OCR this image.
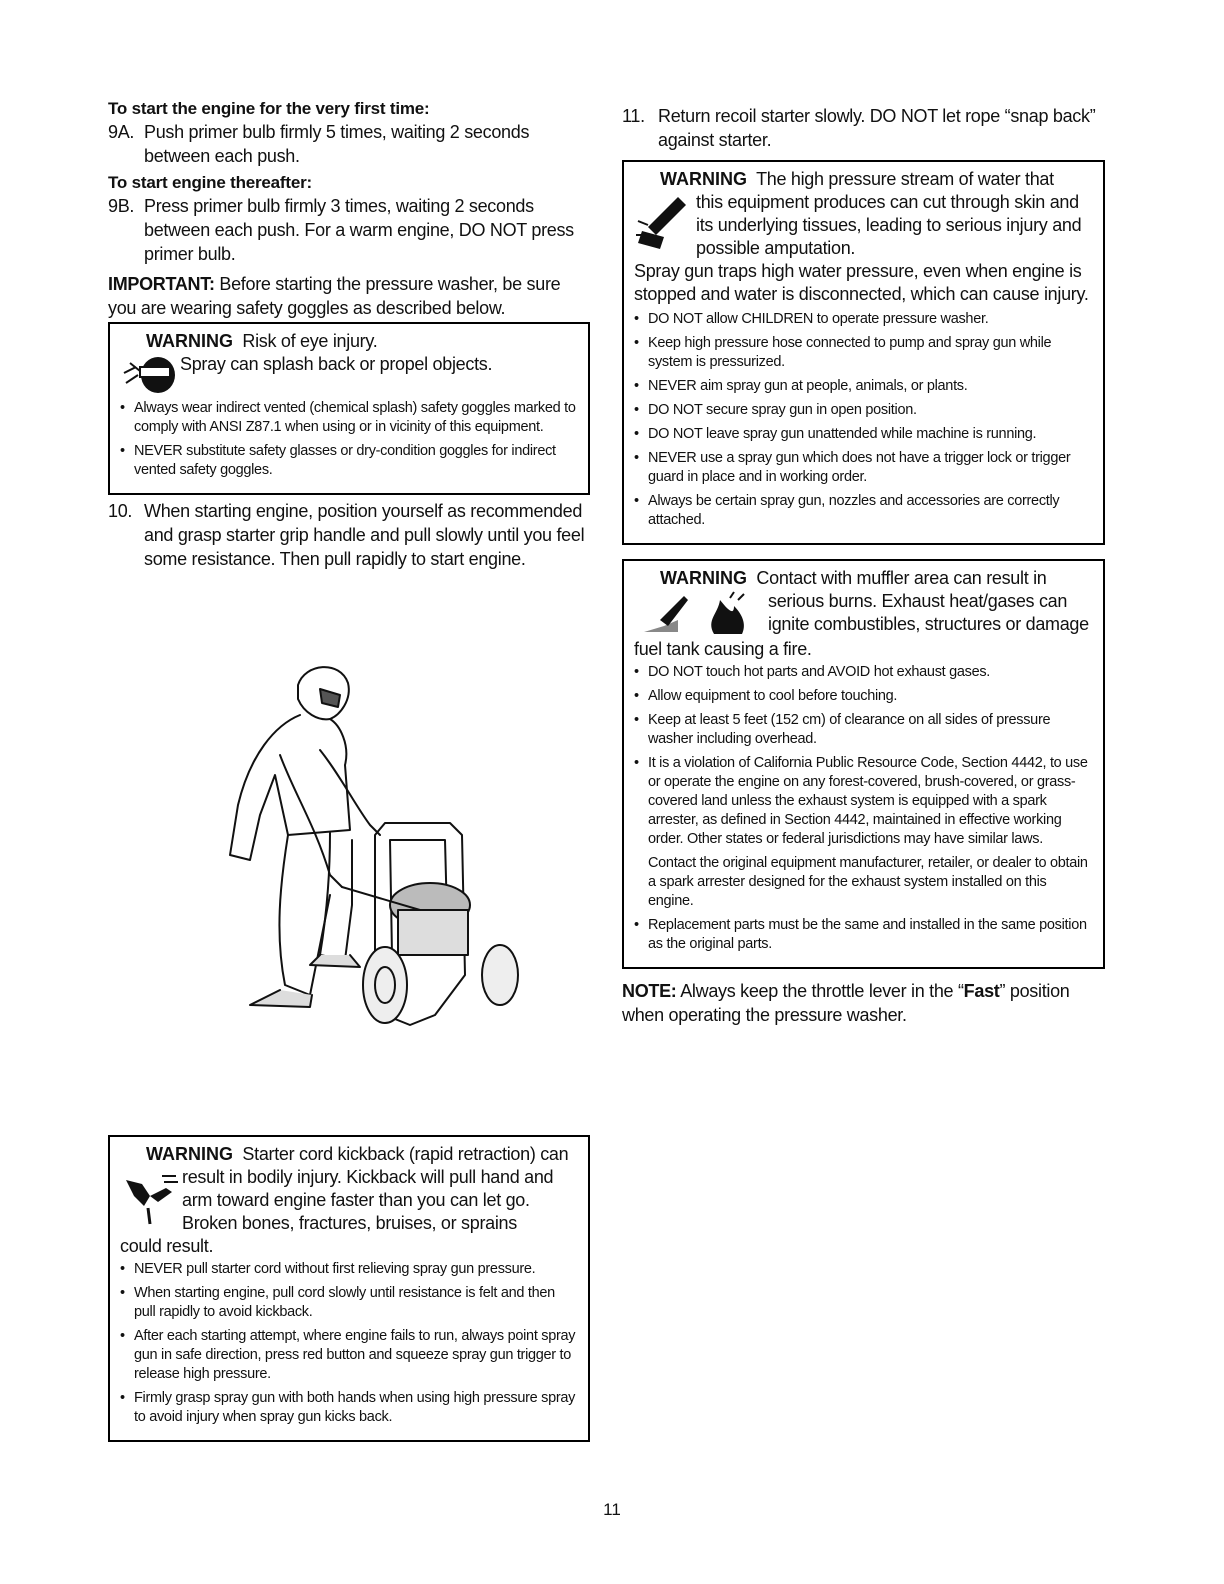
To start the engine for the very first time:
9A. Push primer bulb firmly 5 times, waiting 2 seconds between each push.
To start engine thereafter:
9B. Press primer bulb firmly 3 times, waiting 2 seconds between each push. For a warm engine, DO NOT press primer bulb.
IMPORTANT: Before starting the pressure washer, be sure you are wearing safety goggles as described below.
WARNING Risk of eye injury.
Spray can splash back or propel objects.
• Always wear indirect vented (chemical splash) safety goggles marked to comply with ANSI Z87.1 when using or in vicinity of this equipment.
• NEVER substitute safety glasses or dry-condition goggles for indirect vented safety goggles.
10. When starting engine, position yourself as recommended and grasp starter grip handle and pull slowly until you feel some resistance. Then pull rapidly to start engine.
WARNING Starter cord kickback (rapid retraction) can
result in bodily injury. Kickback will pull hand and arm toward engine faster than you can let go. Broken bones, fractures, bruises, or sprains
could result.
• NEVER pull starter cord without first relieving spray gun pressure.
• When starting engine, pull cord slowly until resistance is felt and then pull rapidly to avoid kickback.
• After each starting attempt, where engine fails to run, always point spray gun in safe direction, press red button and squeeze spray gun trigger to release high pressure.
• Firmly grasp spray gun with both hands when using high pressure spray to avoid injury when spray gun kicks back.
11. Return recoil starter slowly. DO NOT let rope “snap back” against starter.
WARNING The high pressure stream of water that
this equipment produces can cut through skin and its underlying tissues, leading to serious injury and possible amputation.
Spray gun traps high water pressure, even when engine is stopped and water is disconnected, which can cause injury.
• DO NOT allow CHILDREN to operate pressure washer.
• Keep high pressure hose connected to pump and spray gun while system is pressurized.
• NEVER aim spray gun at people, animals, or plants.
• DO NOT secure spray gun in open position.
• DO NOT leave spray gun unattended while machine is running.
• NEVER use a spray gun which does not have a trigger lock or trigger guard in place and in working order.
• Always be certain spray gun, nozzles and accessories are correctly attached.
WARNING Contact with muffler area can result in
serious burns. Exhaust heat/gases can ignite combustibles, structures or damage
fuel tank causing a fire.
• DO NOT touch hot parts and AVOID hot exhaust gases.
• Allow equipment to cool before touching.
• Keep at least 5 feet (152 cm) of clearance on all sides of pressure washer including overhead.
• It is a violation of California Public Resource Code, Section 4442, to use or operate the engine on any forest-covered, brush-covered, or grass-covered land unless the exhaust system is equipped with a spark arrester, as defined in Section 4442, maintained in effective working order. Other states or federal jurisdictions may have similar laws.
Contact the original equipment manufacturer, retailer, or dealer to obtain a spark arrester designed for the exhaust system installed on this engine.
• Replacement parts must be the same and installed in the same position as the original parts.
NOTE: Always keep the throttle lever in the “Fast” position when operating the pressure washer.
11
